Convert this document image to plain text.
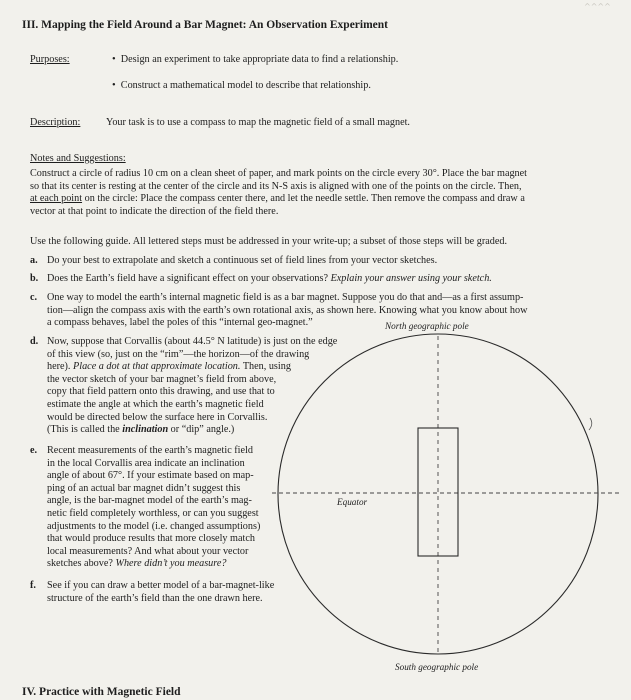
^^^^
III. Mapping the Field Around a Bar Magnet: An Observation Experiment
Purposes:	• Design an experiment to take appropriate data to find a relationship.
• Construct a mathematical model to describe that relationship.
Description:	Your task is to use a compass to map the magnetic field of a small magnet.
Notes and Suggestions:
Construct a circle of radius 10 cm on a clean sheet of paper, and mark points on the circle every 30°. Place the bar magnet
so that its center is resting at the center of the circle and its N-S axis is aligned with one of the points on the circle. Then,
at each point on the circle: Place the compass center there, and let the needle settle. Then remove the compass and draw a
vector at that point to indicate the direction of the field there.
Use the following guide. All lettered steps must be addressed in your write-up; a subset of those steps will be graded.
a. Do your best to extrapolate and sketch a continuous set of field lines from your vector sketches.
b. Does the Earth’s field have a significant effect on your observations? Explain your answer using your sketch.
c. One way to model the earth’s internal magnetic field is as a bar magnet. Suppose you do that and—as a first assump-
tion—align the compass axis with the earth’s own rotational axis, as shown here. Knowing what you know about how
a compass behaves, label the poles of this “internal geo-magnet.”	North geographic pole
d. Now, suppose that Corvallis (about 44.5° N latitude) is just on the edge
of this view (so, just on the “rim”—the horizon—of the drawing
here). Place a dot at that approximate location. Then, using
the vector sketch of your bar magnet’s field from above,
copy that field pattern onto this drawing, and use that to
estimate the angle at which the earth’s magnetic field
would be directed below the surface here in Corvallis.
(This is called the inclination or “dip” angle.)
e. Recent measurements of the earth’s magnetic field
in the local Corvallis area indicate an inclination
angle of about 67°. If your estimate based on map-
ping of an actual bar magnet didn’t suggest this
angle, is the bar-magnet model of the earth’s mag-
netic field completely worthless, or can you suggest
adjustments to the model (i.e. changed assumptions)
that would produce results that more closely match
local measurements? And what about your vector
sketches above? Where didn’t you measure?
Equator
f. See if you can draw a better model of a bar-magnet-like
structure of the earth’s field than the one drawn here.
South geographic pole
IV. Practice with Magnetic Field
